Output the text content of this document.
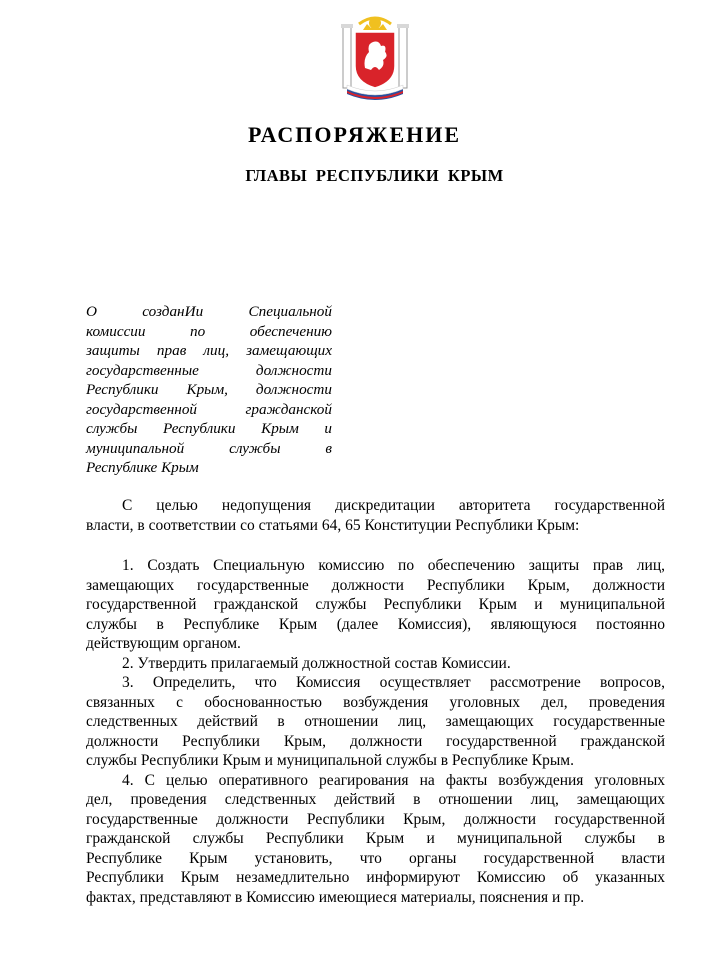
РАСПОРЯЖЕНИЕ
ГЛАВЫ РЕСПУБЛИКИ КРЫМ
О созданИи Специальной
комиссии по обеспечению
защиты прав лиц, замещающих
государственные должности
Республики Крым, должности
государственной гражданской
службы Республики Крым и
муниципальной службы в
Республике Крым
С целью недопущения дискредитации авторитета государственной
власти, в соответствии со статьями 64, 65 Конституции Республики Крым:
1. Создать Специальную комиссию по обеспечению защиты прав лиц,
замещающих государственные должности Республики Крым, должности
государственной гражданской службы Республики Крым и муниципальной
службы в Республике Крым (далее Комиссия), являющуюся постоянно
действующим органом.
2. Утвердить прилагаемый должностной состав Комиссии.
3. Определить, что Комиссия осуществляет рассмотрение вопросов,
связанных с обоснованностью возбуждения уголовных дел, проведения
следственных действий в отношении лиц, замещающих государственные
должности Республики Крым, должности государственной гражданской
службы Республики Крым и муниципальной службы в Республике Крым.
4. С целью оперативного реагирования на факты возбуждения уголовных
дел, проведения следственных действий в отношении лиц, замещающих
государственные должности Республики Крым, должности государственной
гражданской службы Республики Крым и муниципальной службы в
Республике Крым установить, что органы государственной власти
Республики Крым незамедлительно информируют Комиссию об указанных
фактах, представляют в Комиссию имеющиеся материалы, пояснения и пр.
